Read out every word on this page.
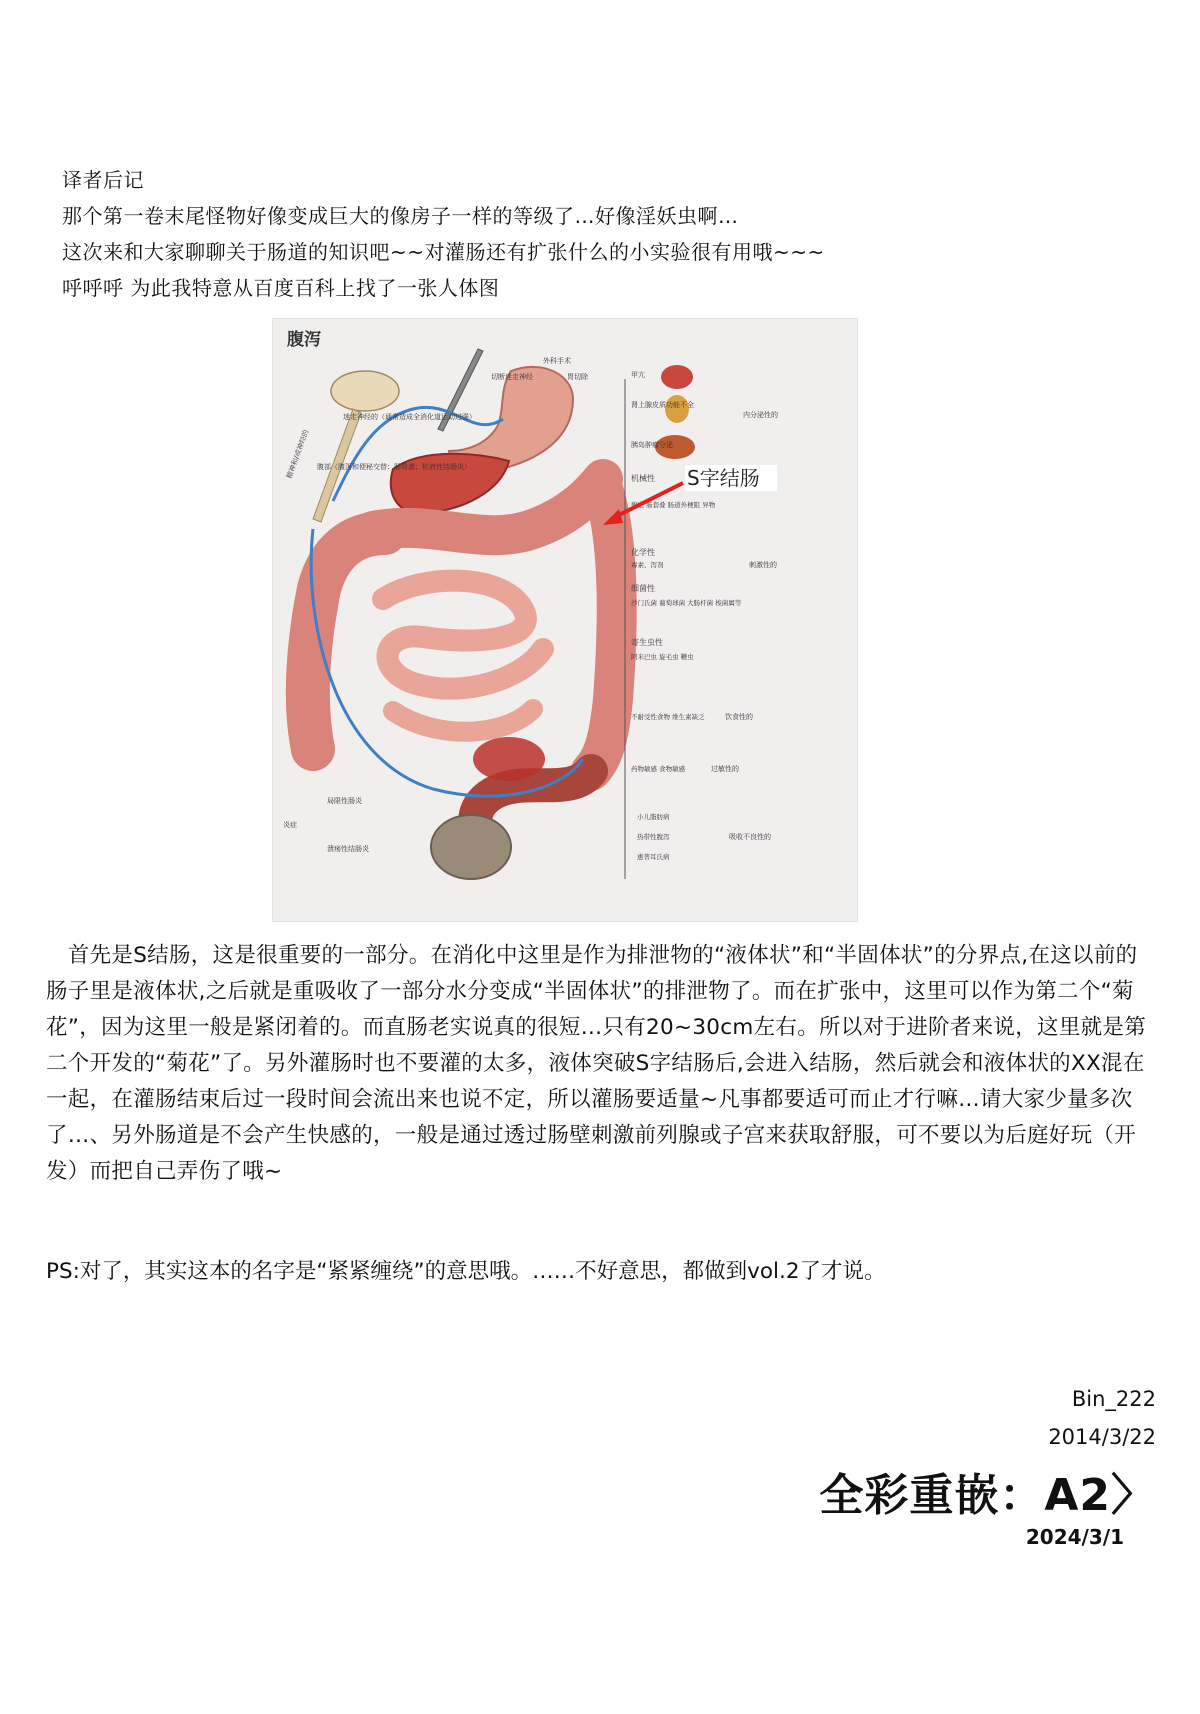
译者后记
那个第一卷末尾怪物好像变成巨大的像房子一样的等级了…好像淫妖虫啊…
这次来和大家聊聊关于肠道的知识吧~~对灌肠还有扩张什么的小实验很有用哦~~~
呼呼呼 为此我特意从百度百科上找了一张人体图
腹泻
精神和/或神经的
外科手术
切断迷走神经	胃切除
迷走神经的（通常造成全消化道运动过强）
腹部（腹泻和便秘交替：肠易激；粘液性结肠炎）
甲亢
肾上腺皮质功能不全
胰岛肿瘤分泌
内分泌性的
机械性
憩室 肠套叠 肠道外梗阻 异物
化学性
毒素、泻剂
细菌性
沙门氏菌 葡萄球菌 大肠杆菌 梭菌属等
寄生虫性
阿米巴虫 旋毛虫 鞭虫
刺激性的
不耐受性食物 维生素缺乏	饮食性的
药物敏感 食物敏感	过敏性的
小儿脂肪病
热带性腹泻
惠普耳氏病
吸收不良性的
炎症
局限性肠炎
溃疡性结肠炎
S字结肠

　首先是S结肠，这是很重要的一部分。在消化中这里是作为排泄物的“液体状”和“半固体状”的分界点,在这以前的肠子里是液体状,之后就是重吸收了一部分水分变成“半固体状”的排泄物了。而在扩张中，这里可以作为第二个“菊花”，因为这里一般是紧闭着的。而直肠老实说真的很短…只有20~30cm左右。所以对于进阶者来说，这里就是第二个开发的“菊花”了。另外灌肠时也不要灌的太多，液体突破S字结肠后,会进入结肠，然后就会和液体状的XX混在一起，在灌肠结束后过一段时间会流出来也说不定，所以灌肠要适量~凡事都要适可而止才行嘛…请大家少量多次了…、另外肠道是不会产生快感的，一般是通过透过肠壁刺激前列腺或子宫来获取舒服，可不要以为后庭好玩（开发）而把自己弄伤了哦~

PS:对了，其实这本的名字是“紧紧缠绕”的意思哦。……不好意思，都做到vol.2了才说。
Bin_222
2014/3/22
全彩重嵌：A2〉
2024/3/1
